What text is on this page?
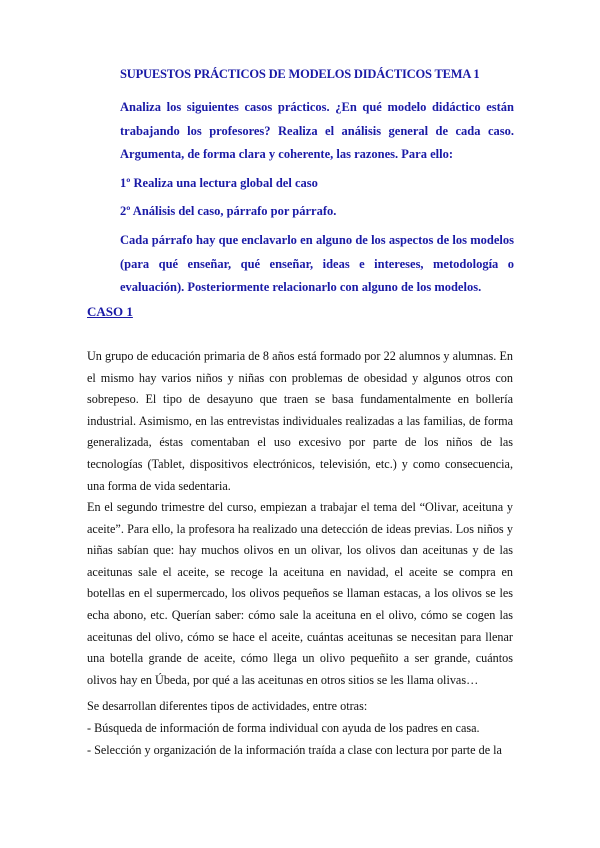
SUPUESTOS PRÁCTICOS DE MODELOS DIDÁCTICOS TEMA 1

Analiza los siguientes casos prácticos. ¿En qué modelo didáctico están trabajando los profesores? Realiza el análisis general de cada caso. Argumenta, de forma clara y coherente, las razones. Para ello:

1º Realiza una lectura global del caso

2º Análisis del caso, párrafo por párrafo.

Cada párrafo hay que enclavarlo en alguno de los aspectos de los modelos (para qué enseñar, qué enseñar, ideas e intereses, metodología o evaluación). Posteriormente relacionarlo con alguno de los modelos.

CASO 1

Un grupo de educación primaria de 8 años está formado por 22 alumnos y alumnas. En el mismo hay varios niños y niñas con problemas de obesidad y algunos otros con sobrepeso. El tipo de desayuno que traen se basa fundamentalmente en bollería industrial. Asimismo, en las entrevistas individuales realizadas a las familias, de forma generalizada, éstas comentaban el uso excesivo por parte de los niños de las tecnologías (Tablet, dispositivos electrónicos, televisión, etc.) y como consecuencia, una forma de vida sedentaria.

En el segundo trimestre del curso, empiezan a trabajar el tema del “Olivar, aceituna y aceite”. Para ello, la profesora ha realizado una detección de ideas previas. Los niños y niñas sabían que: hay muchos olivos en un olivar, los olivos dan aceitunas y de las aceitunas sale el aceite, se recoge la aceituna en navidad, el aceite se compra en botellas en el supermercado, los olivos pequeños se llaman estacas, a los olivos se les echa abono, etc. Querían saber: cómo sale la aceituna en el olivo, cómo se cogen las aceitunas del olivo, cómo se hace el aceite, cuántas aceitunas se necesitan para llenar una botella grande de aceite, cómo llega un olivo pequeñito a ser grande, cuántos olivos hay en Úbeda, por qué a las aceitunas en otros sitios se les llama olivas…

Se desarrollan diferentes tipos de actividades, entre otras:

- Búsqueda de información de forma individual con ayuda de los padres en casa.

- Selección y organización de la información traída a clase con lectura por parte de la
